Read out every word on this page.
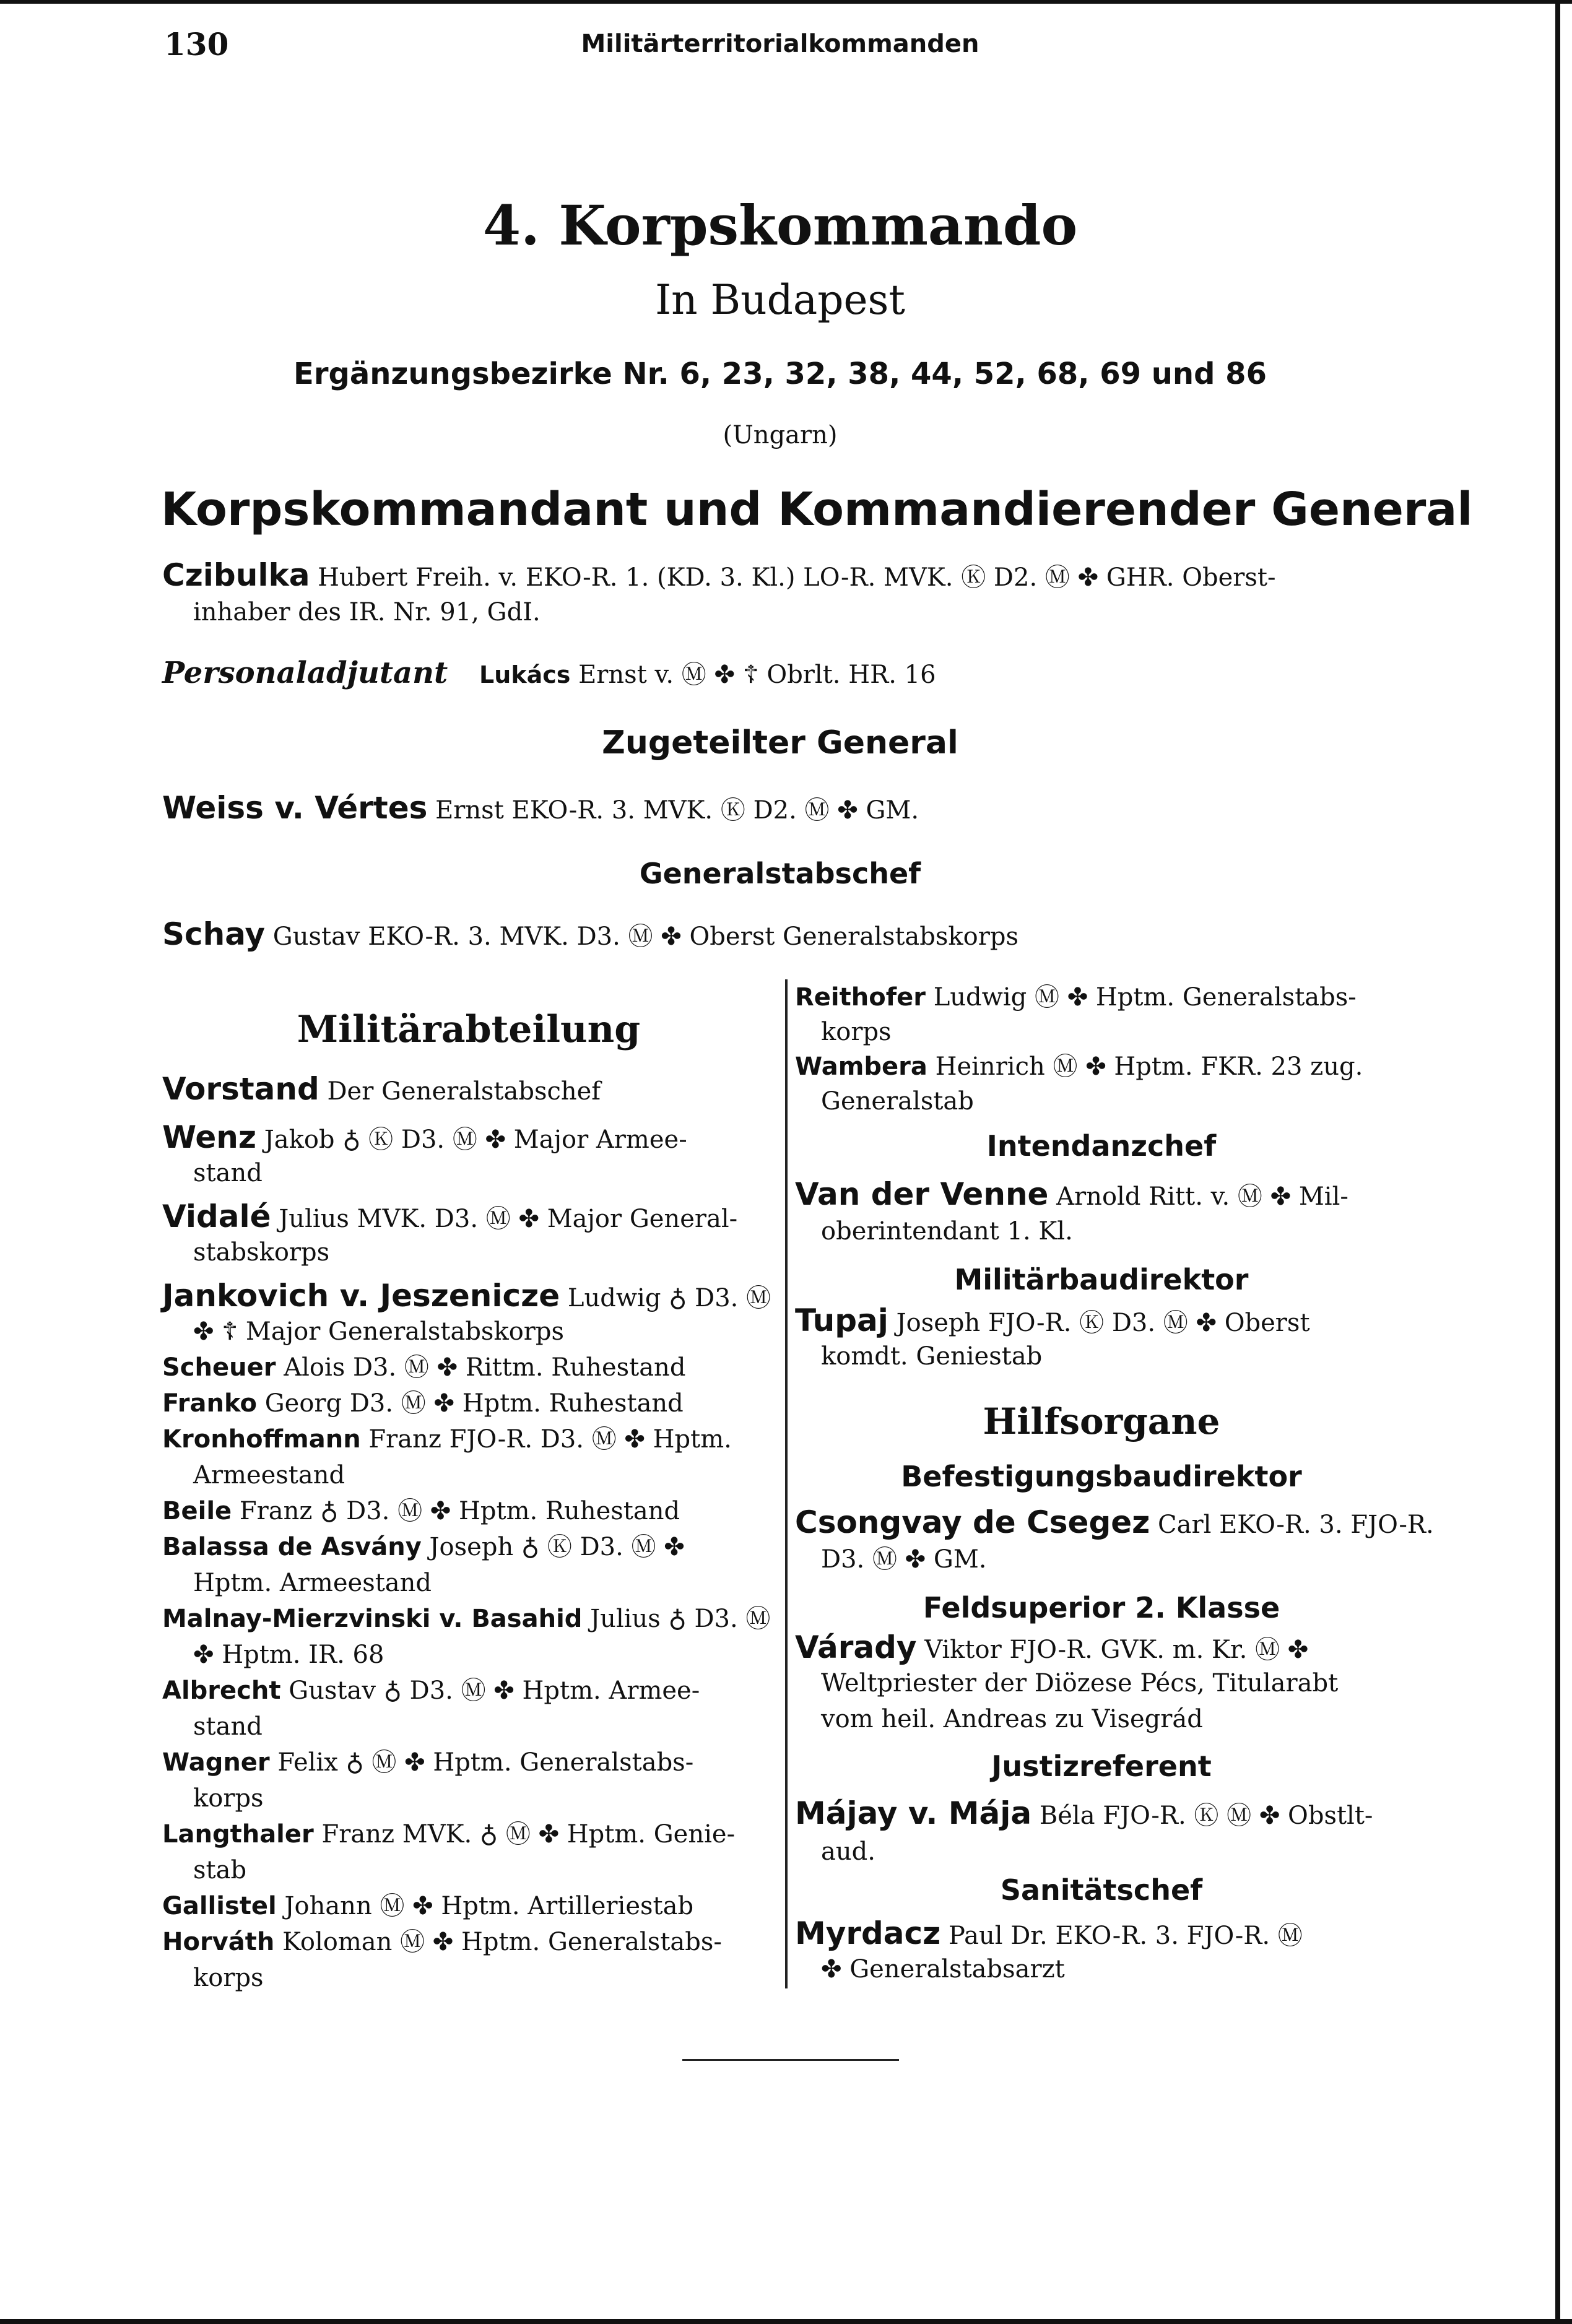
130	Militärterritorialkommanden
4. Korpskommando
In Budapest
Ergänzungsbezirke Nr. 6, 23, 32, 38, 44, 52, 68, 69 und 86
(Ungarn)
Korpskommandant und Kommandierender General
Czibulka Hubert Freih. v. EKO-R. 1. (KD. 3. Kl.) LO-R. MVK. Ⓚ D2. Ⓜ ✤ GHR. Oberst-
inhaber des IR. Nr. 91, GdI.
Personaladjutant Lukács Ernst v. Ⓜ ✤ ☦ Obrlt. HR. 16
Zugeteilter General
Weiss v. Vértes Ernst EKO-R. 3. MVK. Ⓚ D2. Ⓜ ✤ GM.
Generalstabschef
Schay Gustav EKO-R. 3. MVK. D3. Ⓜ ✤ Oberst Generalstabskorps
Militärabteilung
Vorstand Der Generalstabschef
Wenz Jakob ♁ Ⓚ D3. Ⓜ ✤ Major Armee-
stand
Vidalé Julius MVK. D3. Ⓜ ✤ Major General-
stabskorps
Jankovich v. Jeszenicze Ludwig ♁ D3. Ⓜ
✤ ☦ Major Generalstabskorps
Scheuer Alois D3. Ⓜ ✤ Rittm. Ruhestand
Franko Georg D3. Ⓜ ✤ Hptm. Ruhestand
Kronhoffmann Franz FJO-R. D3. Ⓜ ✤ Hptm.
Armeestand
Beile Franz ♁ D3. Ⓜ ✤ Hptm. Ruhestand
Balassa de Asvány Joseph ♁ Ⓚ D3. Ⓜ ✤
Hptm. Armeestand
Malnay-Mierzvinski v. Basahid Julius ♁ D3. Ⓜ
✤ Hptm. IR. 68
Albrecht Gustav ♁ D3. Ⓜ ✤ Hptm. Armee-
stand
Wagner Felix ♁ Ⓜ ✤ Hptm. Generalstabs-
korps
Langthaler Franz MVK. ♁ Ⓜ ✤ Hptm. Genie-
stab
Gallistel Johann Ⓜ ✤ Hptm. Artilleriestab
Horváth Koloman Ⓜ ✤ Hptm. Generalstabs-
korps
Reithofer Ludwig Ⓜ ✤ Hptm. Generalstabs-
korps
Wambera Heinrich Ⓜ ✤ Hptm. FKR. 23 zug.
Generalstab
Intendanzchef
Van der Venne Arnold Ritt. v. Ⓜ ✤ Mil-
oberintendant 1. Kl.
Militärbaudirektor
Tupaj Joseph FJO-R. Ⓚ D3. Ⓜ ✤ Oberst
komdt. Geniestab
Hilfsorgane
Befestigungsbaudirektor
Csongvay de Csegez Carl EKO-R. 3. FJO-R.
D3. Ⓜ ✤ GM.
Feldsuperior 2. Klasse
Várady Viktor FJO-R. GVK. m. Kr. Ⓜ ✤
Weltpriester der Diözese Pécs, Titularabt
vom heil. Andreas zu Visegrád
Justizreferent
Májay v. Mája Béla FJO-R. Ⓚ Ⓜ ✤ Obstlt-
aud.
Sanitätschef
Myrdacz Paul Dr. EKO-R. 3. FJO-R. Ⓜ
✤ Generalstabsarzt
